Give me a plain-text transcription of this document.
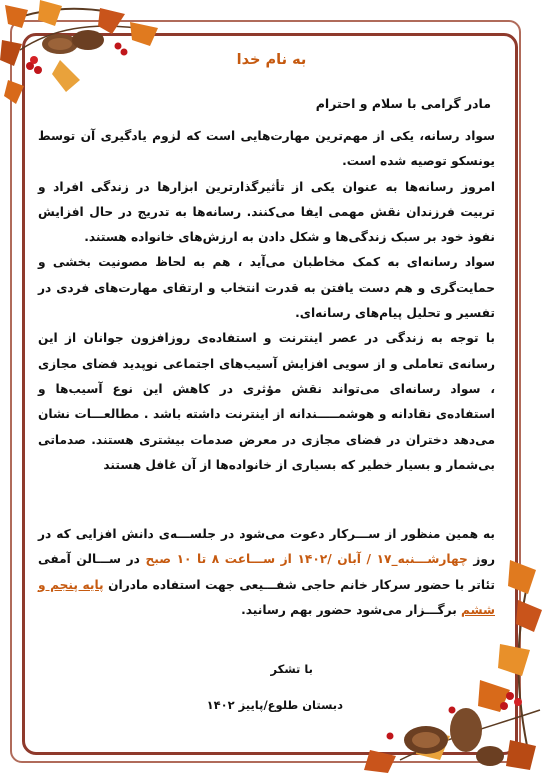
به نام خدا
مادر گرامی با سلام و احترام

سواد رسانه، یکی از مهم‌ترین مهارت‌هایی است که لزوم یادگیری آن توسط یونسکو توصیه شده است.

امروز رسانه‌ها به عنوان یکی از تأثیرگذارترین ابزارها در زندگی افراد و تربیت فرزندان نقش مهمی ایفا می‌کنند. رسانه‌ها به تدریج در حال افزایش نفوذ خود بر سبک زندگی‌ها و شکل دادن به ارزش‌های خانواده هستند.

سواد رسانه‌ای به کمک مخاطبان می‌آید ، هم به لحاظ مصونیت بخشی و حمایت‌گری و هم دست یافتن به قدرت انتخاب و ارتقای مهارت‌های فردی در تفسیر و تحلیل پیام‌های رسانه‌ای.

با توجه به زندگی در عصر اینترنت و استفاده‌ی روزافزون جوانان از این رسانه‌ی تعاملی و از سویی افزایش آسیب‌های اجتماعی نوپدید فضای مجازی ، سواد رسانه‌ای می‌تواند نقش مؤثری در کاهش این نوع آسیب‌ها و استفاده‌ی نقادانه و هوشمـــــندانه از اینترنت داشته باشد . مطالعـــات نشان می‌دهد دختران در فضای مجازی در معرض صدمات بیشتری هستند. صدماتی بی‌شمار و بسیار خطیر که بسیاری از خانواده‌ها از آن غافل هستند

به همین منظور از ســـرکار دعوت می‌شود در جلســـه‌ی دانش افزایی که در روز چهارشـــنبه_۱۷ / آبان /۱۴۰۲ از ســـاعت ۸ تا ۱۰ صبح در ســـالن آمفی تئاتر با حضور سرکار خانم حاجی شفـــیعی جهت استفاده مادران پایه پنجم و ششم برگـــزار می‌شود حضور بهم رسانید.
با تشکر
دبستان طلوع/پاییز ۱۴۰۲
